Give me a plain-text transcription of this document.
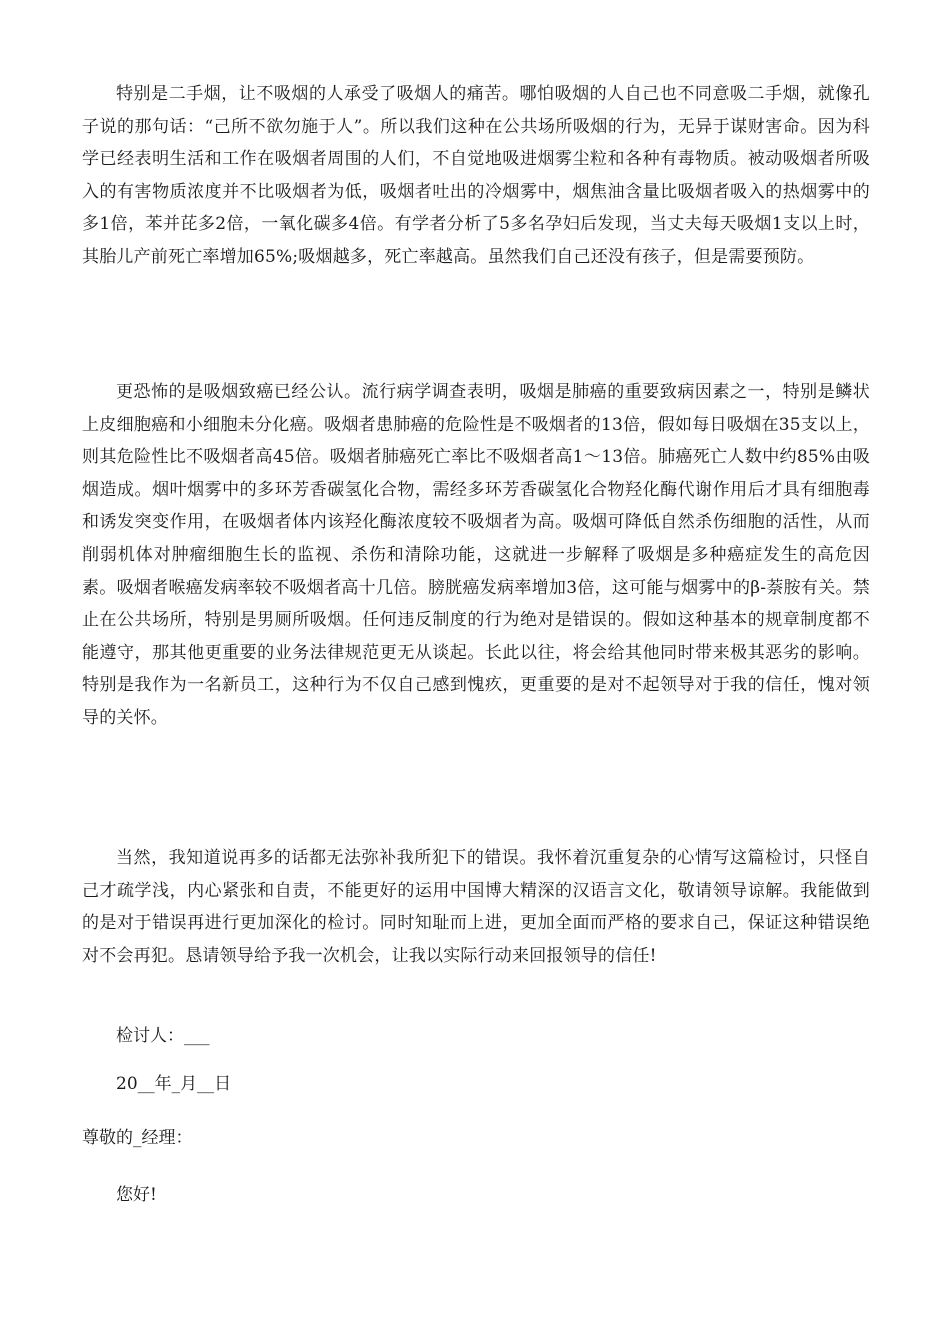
特别是二手烟，让不吸烟的人承受了吸烟人的痛苦。哪怕吸烟的人自己也不同意吸二手烟，就像孔子说的那句话：“己所不欲勿施于人”。所以我们这种在公共场所吸烟的行为，无异于谋财害命。因为科学已经表明生活和工作在吸烟者周围的人们，不自觉地吸进烟雾尘粒和各种有毒物质。被动吸烟者所吸入的有害物质浓度并不比吸烟者为低，吸烟者吐出的冷烟雾中，烟焦油含量比吸烟者吸入的热烟雾中的多1倍，苯并芘多2倍，一氧化碳多4倍。有学者分析了5多名孕妇后发现，当丈夫每天吸烟1支以上时，其胎儿产前死亡率增加65%;吸烟越多，死亡率越高。虽然我们自己还没有孩子，但是需要预防。

更恐怖的是吸烟致癌已经公认。流行病学调查表明，吸烟是肺癌的重要致病因素之一，特别是鳞状上皮细胞癌和小细胞未分化癌。吸烟者患肺癌的危险性是不吸烟者的13倍，假如每日吸烟在35支以上，则其危险性比不吸烟者高45倍。吸烟者肺癌死亡率比不吸烟者高1～13倍。肺癌死亡人数中约85%由吸烟造成。烟叶烟雾中的多环芳香碳氢化合物，需经多环芳香碳氢化合物羟化酶代谢作用后才具有细胞毒和诱发突变作用，在吸烟者体内该羟化酶浓度较不吸烟者为高。吸烟可降低自然杀伤细胞的活性，从而削弱机体对肿瘤细胞生长的监视、杀伤和清除功能，这就进一步解释了吸烟是多种癌症发生的高危因素。吸烟者喉癌发病率较不吸烟者高十几倍。膀胱癌发病率增加3倍，这可能与烟雾中的β-萘胺有关。禁止在公共场所，特别是男厕所吸烟。任何违反制度的行为绝对是错误的。假如这种基本的规章制度都不能遵守，那其他更重要的业务法律规范更无从谈起。长此以往，将会给其他同时带来极其恶劣的影响。特别是我作为一名新员工，这种行为不仅自己感到愧疚，更重要的是对不起领导对于我的信任，愧对领导的关怀。

当然，我知道说再多的话都无法弥补我所犯下的错误。我怀着沉重复杂的心情写这篇检讨，只怪自己才疏学浅，内心紧张和自责，不能更好的运用中国博大精深的汉语言文化，敬请领导谅解。我能做到的是对于错误再进行更加深化的检讨。同时知耻而上进，更加全面而严格的要求自己，保证这种错误绝对不会再犯。恳请领导给予我一次机会，让我以实际行动来回报领导的信任!

检讨人：___

20__年_月__日

尊敬的_经理：

您好!
